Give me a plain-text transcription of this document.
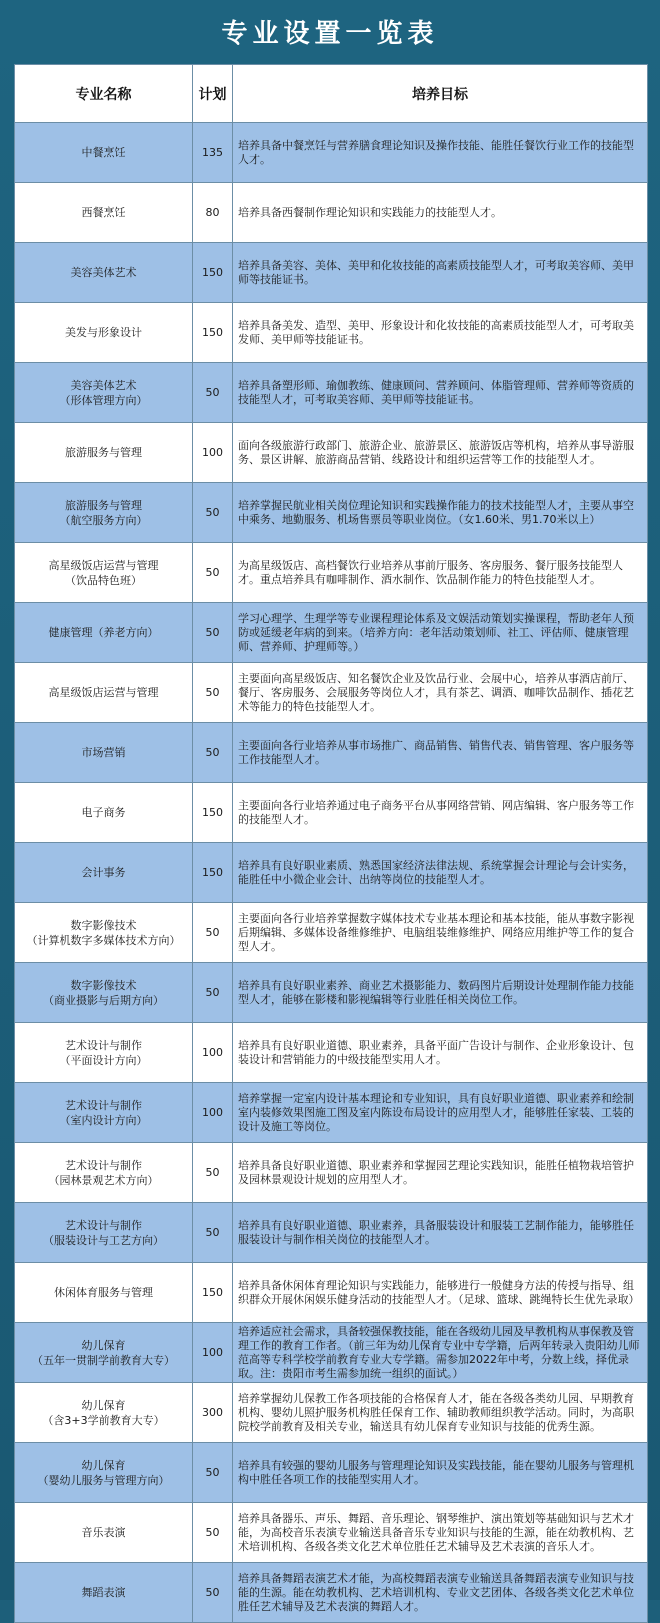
专业设置一览表
专业名称	计划	培养目标

中餐烹饪	135	培养具备中餐烹饪与营养膳食理论知识及操作技能、能胜任餐饮行业工作的技能型人才。

西餐烹饪	80	培养具备西餐制作理论知识和实践能力的技能型人才。

美容美体艺术	150	培养具备美容、美体、美甲和化妆技能的高素质技能型人才，可考取美容师、美甲师等技能证书。

美发与形象设计	150	培养具备美发、造型、美甲、形象设计和化妆技能的高素质技能型人才，可考取美发师、美甲师等技能证书。

美容美体艺术
（形体管理方向）	50	培养具备塑形师、瑜伽教练、健康顾问、营养顾问、体脂管理师、营养师等资质的技能型人才，可考取美容师、美甲师等技能证书。

旅游服务与管理	100	面向各级旅游行政部门、旅游企业、旅游景区、旅游饭店等机构，培养从事导游服务、景区讲解、旅游商品营销、线路设计和组织运营等工作的技能型人才。

旅游服务与管理
（航空服务方向）	50	培养掌握民航业相关岗位理论知识和实践操作能力的技术技能型人才，主要从事空中乘务、地勤服务、机场售票员等职业岗位。（女1.60米、男1.70米以上）

高星级饭店运营与管理
（饮品特色班）	50	为高星级饭店、高档餐饮行业培养从事前厅服务、客房服务、餐厅服务技能型人才。重点培养具有咖啡制作、酒水制作、饮品制作能力的特色技能型人才。

健康管理（养老方向）	50	学习心理学、生理学等专业课程理论体系及文娱活动策划实操课程，帮助老年人预防或延缓老年病的到来。（培养方向：老年活动策划师、社工、评估师、健康管理师、营养师、护理师等。）

高星级饭店运营与管理	50	主要面向高星级饭店、知名餐饮企业及饮品行业、会展中心，培养从事酒店前厅、餐厅、客房服务、会展服务等岗位人才，具有茶艺、调酒、咖啡饮品制作、插花艺术等能力的特色技能型人才。

市场营销	50	主要面向各行业培养从事市场推广、商品销售、销售代表、销售管理、客户服务等工作技能型人才。

电子商务	150	主要面向各行业培养通过电子商务平台从事网络营销、网店编辑、客户服务等工作的技能型人才。

会计事务	150	培养具有良好职业素质、熟悉国家经济法律法规、系统掌握会计理论与会计实务，能胜任中小微企业会计、出纳等岗位的技能型人才。

数字影像技术
（计算机数字多媒体技术方向）	50	主要面向各行业培养掌握数字媒体技术专业基本理论和基本技能，能从事数字影视后期编辑、多媒体设备维修维护、电脑组装维修维护、网络应用维护等工作的复合型人才。

数字影像技术
（商业摄影与后期方向）	50	培养具有良好职业素养、商业艺术摄影能力、数码图片后期设计处理制作能力技能型人才，能够在影楼和影视编辑等行业胜任相关岗位工作。

艺术设计与制作
（平面设计方向）	100	培养具有良好职业道德、职业素养，具备平面广告设计与制作、企业形象设计、包装设计和营销能力的中级技能型实用人才。

艺术设计与制作
（室内设计方向）	100	培养掌握一定室内设计基本理论和专业知识，具有良好职业道德、职业素养和绘制室内装修效果图施工图及室内陈设布局设计的应用型人才，能够胜任家装、工装的设计及施工等岗位。

艺术设计与制作
（园林景观艺术方向）	50	培养具备良好职业道德、职业素养和掌握园艺理论实践知识，能胜任植物栽培管护及园林景观设计规划的应用型人才。

艺术设计与制作
（服装设计与工艺方向）	50	培养具有良好职业道德、职业素养，具备服装设计和服装工艺制作能力，能够胜任服装设计与制作相关岗位的技能型人才。

休闲体育服务与管理	150	培养具备休闲体育理论知识与实践能力，能够进行一般健身方法的传授与指导、组织群众开展休闲娱乐健身活动的技能型人才。（足球、篮球、跳绳特长生优先录取）

幼儿保育
（五年一贯制学前教育大专）	100	培养适应社会需求，具备较强保教技能，能在各级幼儿园及早教机构从事保教及管理工作的教育工作者。（前三年为幼儿保育专业中专学籍，后两年转录入贵阳幼儿师范高等专科学校学前教育专业大专学籍。需参加2022年中考，分数上线，择优录取。注：贵阳市考生需参加统一组织的面试。）

幼儿保育
（含3+3学前教育大专）	300	培养掌握幼儿保教工作各项技能的合格保育人才，能在各级各类幼儿园、早期教育机构、婴幼儿照护服务机构胜任保育工作、辅助教师组织教学活动。同时，为高职院校学前教育及相关专业，输送具有幼儿保育专业知识与技能的优秀生源。

幼儿保育
（婴幼儿服务与管理方向）	50	培养具有较强的婴幼儿服务与管理理论知识及实践技能，能在婴幼儿服务与管理机构中胜任各项工作的技能型实用人才。

音乐表演	50	培养具备器乐、声乐、舞蹈、音乐理论、钢琴维护、演出策划等基础知识与艺术才能，为高校音乐表演专业输送具备音乐专业知识与技能的生源，能在幼教机构、艺术培训机构、各级各类文化艺术单位胜任艺术辅导及艺术表演的音乐人才。

舞蹈表演	50	培养具备舞蹈表演艺术才能，为高校舞蹈表演专业输送具备舞蹈表演专业知识与技能的生源。能在幼教机构、艺术培训机构、专业文艺团体、各级各类文化艺术单位胜任艺术辅导及艺术表演的舞蹈人才。
